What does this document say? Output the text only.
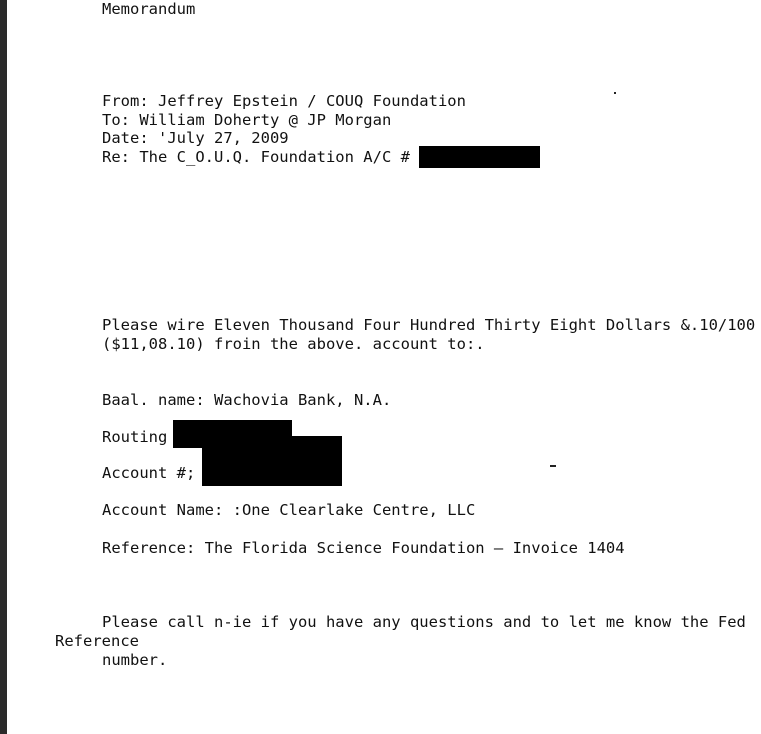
Memorandum
From: Jeffrey Epstein / COUQ Foundation
To: William Doherty @ JP Morgan
Date: 'July 27, 2009
Re: The C_O.U.Q. Foundation A/C #
Please wire Eleven Thousand Four Hundred Thirty Eight Dollars &.10/100
($11,08.10) froin the above. account to:.
Baal. name: Wachovia Bank, N.A.
Routing
Account #;
Account Name: :One Clearlake Centre, LLC
Reference: The Florida Science Foundation — Invoice 1404
Please call n-ie if you have any questions and to let me know the Fed
Reference
number.
